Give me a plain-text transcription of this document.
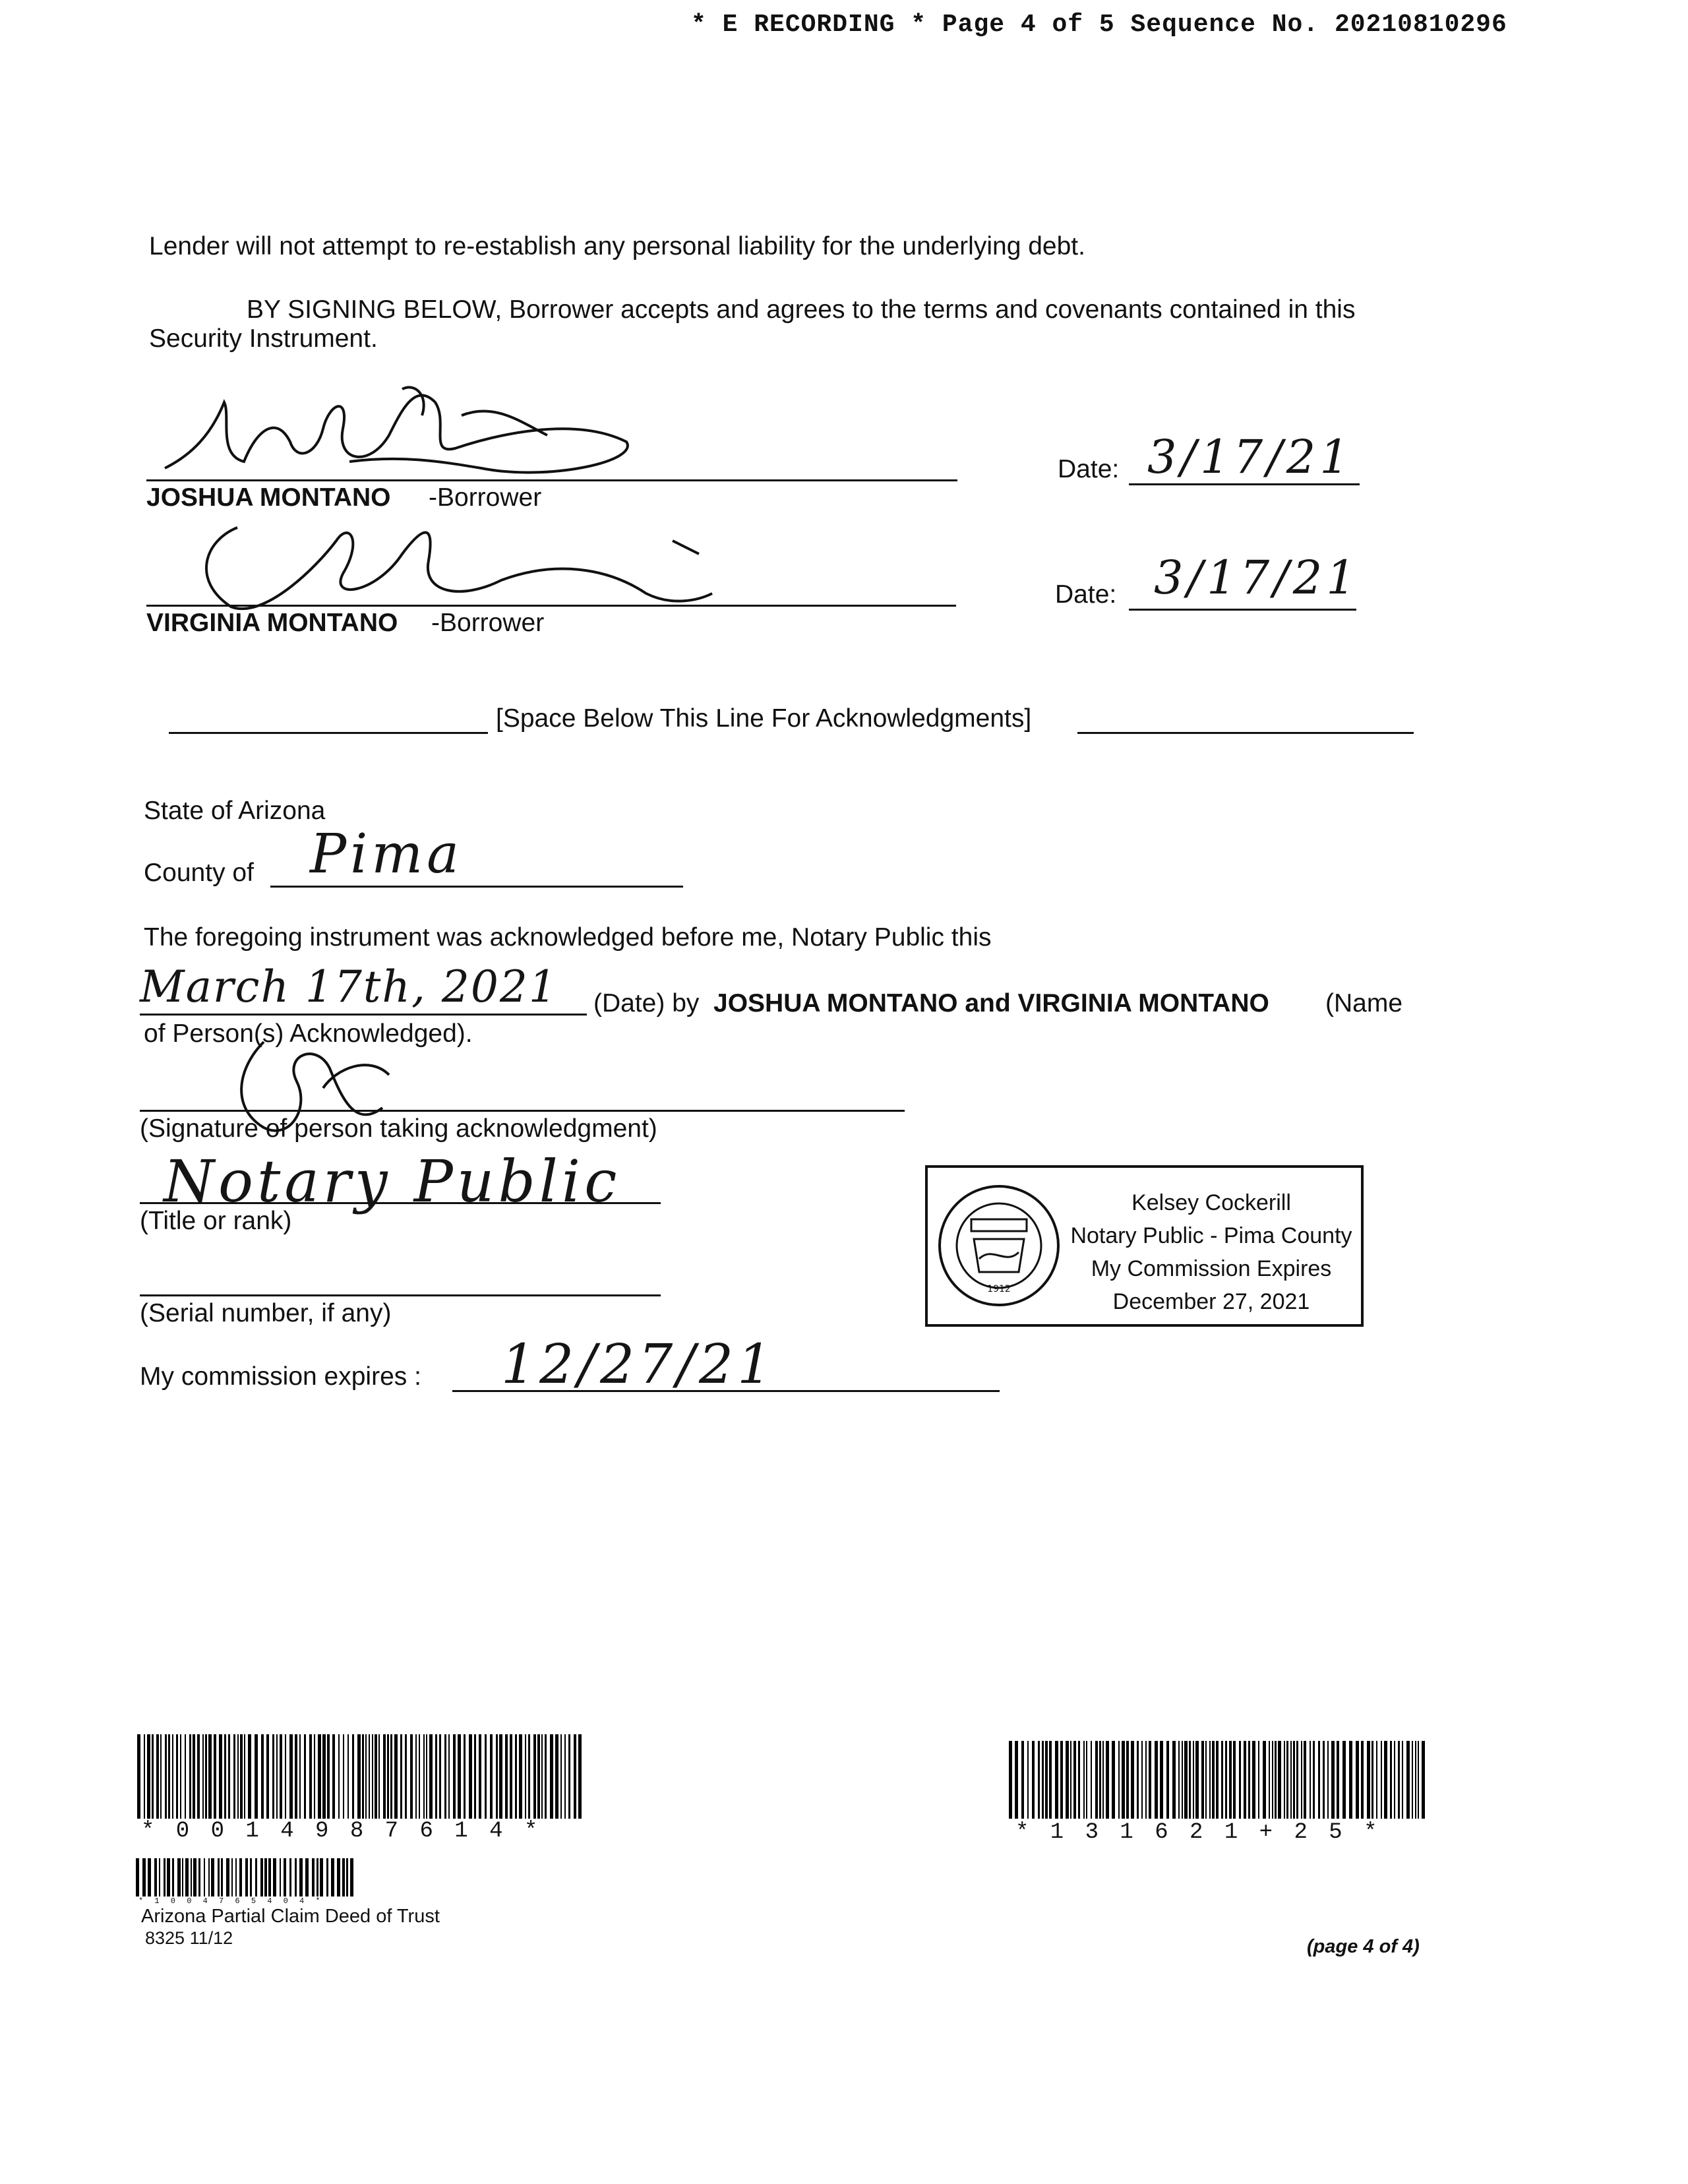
* E RECORDING * Page 4 of 5 Sequence No. 20210810296
Lender will not attempt to re-establish any personal liability for the underlying debt.
BY SIGNING BELOW, Borrower accepts and agrees to the terms and covenants contained in this
Security Instrument.
JOSHUA MONTANO -Borrower
Date: 3/17/21
VIRGINIA MONTANO -Borrower
Date: 3/17/21
[Space Below This Line For Acknowledgments]
State of Arizona
County of Pima
The foregoing instrument was acknowledged before me, Notary Public this
March 17th, 2021 (Date) by JOSHUA MONTANO and VIRGINIA MONTANO (Name
of Person(s) Acknowledged).
(Signature of person taking acknowledgment)
Notary Public
(Title or rank)
(Serial number, if any)
My commission expires : 12/27/21
1912
Kelsey Cockerill
Notary Public - Pima County
My Commission Expires
December 27, 2021
* 0 0 1 4 9 8 7 6 1 4 *	* 1 3 1 6 2 1 + 2 5 *
* 1 0 0 4 7 6 5 4 0 4 *
Arizona Partial Claim Deed of Trust
8325 11/12	(page 4 of 4)
